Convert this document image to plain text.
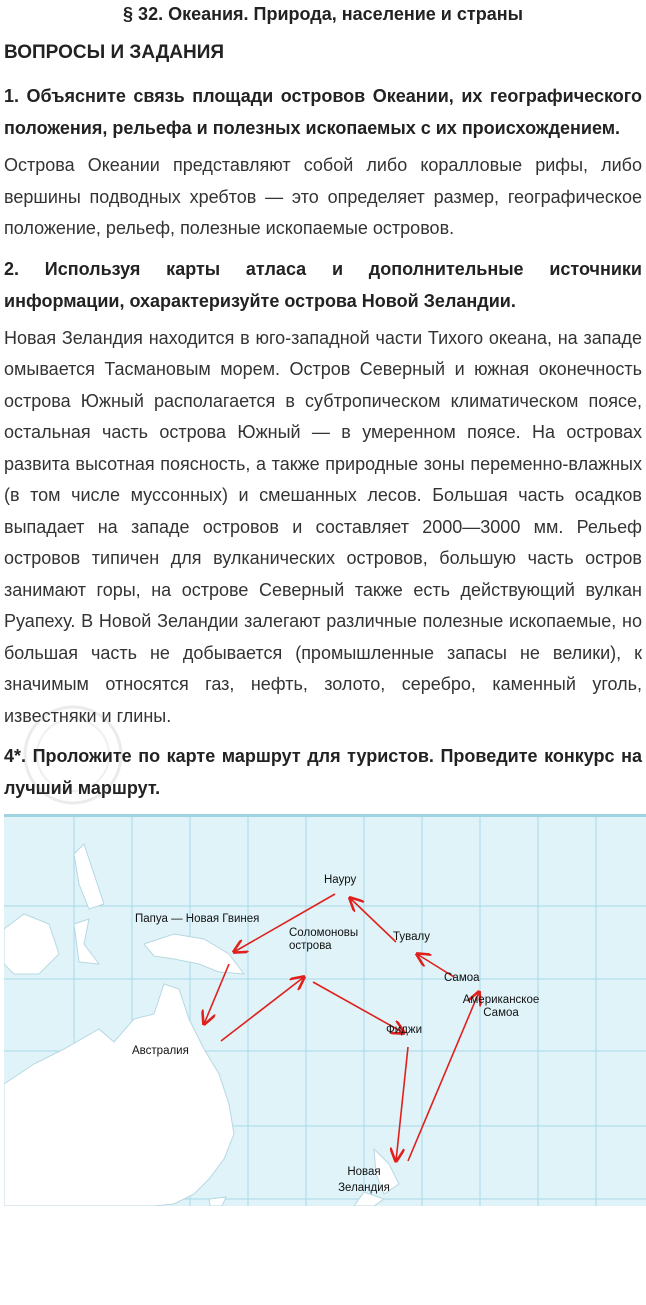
§ 32. Океания. Природа, население и страны
ВОПРОСЫ И ЗАДАНИЯ
1. Объясните связь площади островов Океании, их географического положения, рельефа и полезных ископаемых с их происхождением.
Острова Океании представляют собой либо коралловые рифы, либо вершины подводных хребтов — это определяет размер, географическое положение, рельеф, полезные ископаемые островов.
2. Используя карты атласа и дополнительные источники информации, охарактеризуйте острова Новой Зеландии.
Новая Зеландия находится в юго-западной части Тихого океана, на западе омывается Тасмановым морем. Остров Северный и южная оконечность острова Южный располагается в субтропическом климатическом поясе, остальная часть острова Южный — в умеренном поясе. На островах развита высотная поясность, а также природные зоны переменно-влажных (в том числе муссонных) и смешанных лесов. Большая часть осадков выпадает на западе островов и составляет 2000—3000 мм. Рельеф островов типичен для вулканических островов, большую часть остров занимают горы, на острове Северный также есть действующий вулкан Руапеху. В Новой Зеландии залегают различные полезные ископаемые, но большая часть не добывается (промышленные запасы не велики), к значимым относятся газ, нефть, золото, серебро, каменный уголь, известняки и глины.
4*. Проложите по карте маршрут для туристов. Проведите конкурс на лучший маршрут.
Науру
Папуа — Новая Гвинея
Соломоновы острова
Тувалу
Самоа
Американское Самоа
Фиджи
Австралия
Новая Зеландия
